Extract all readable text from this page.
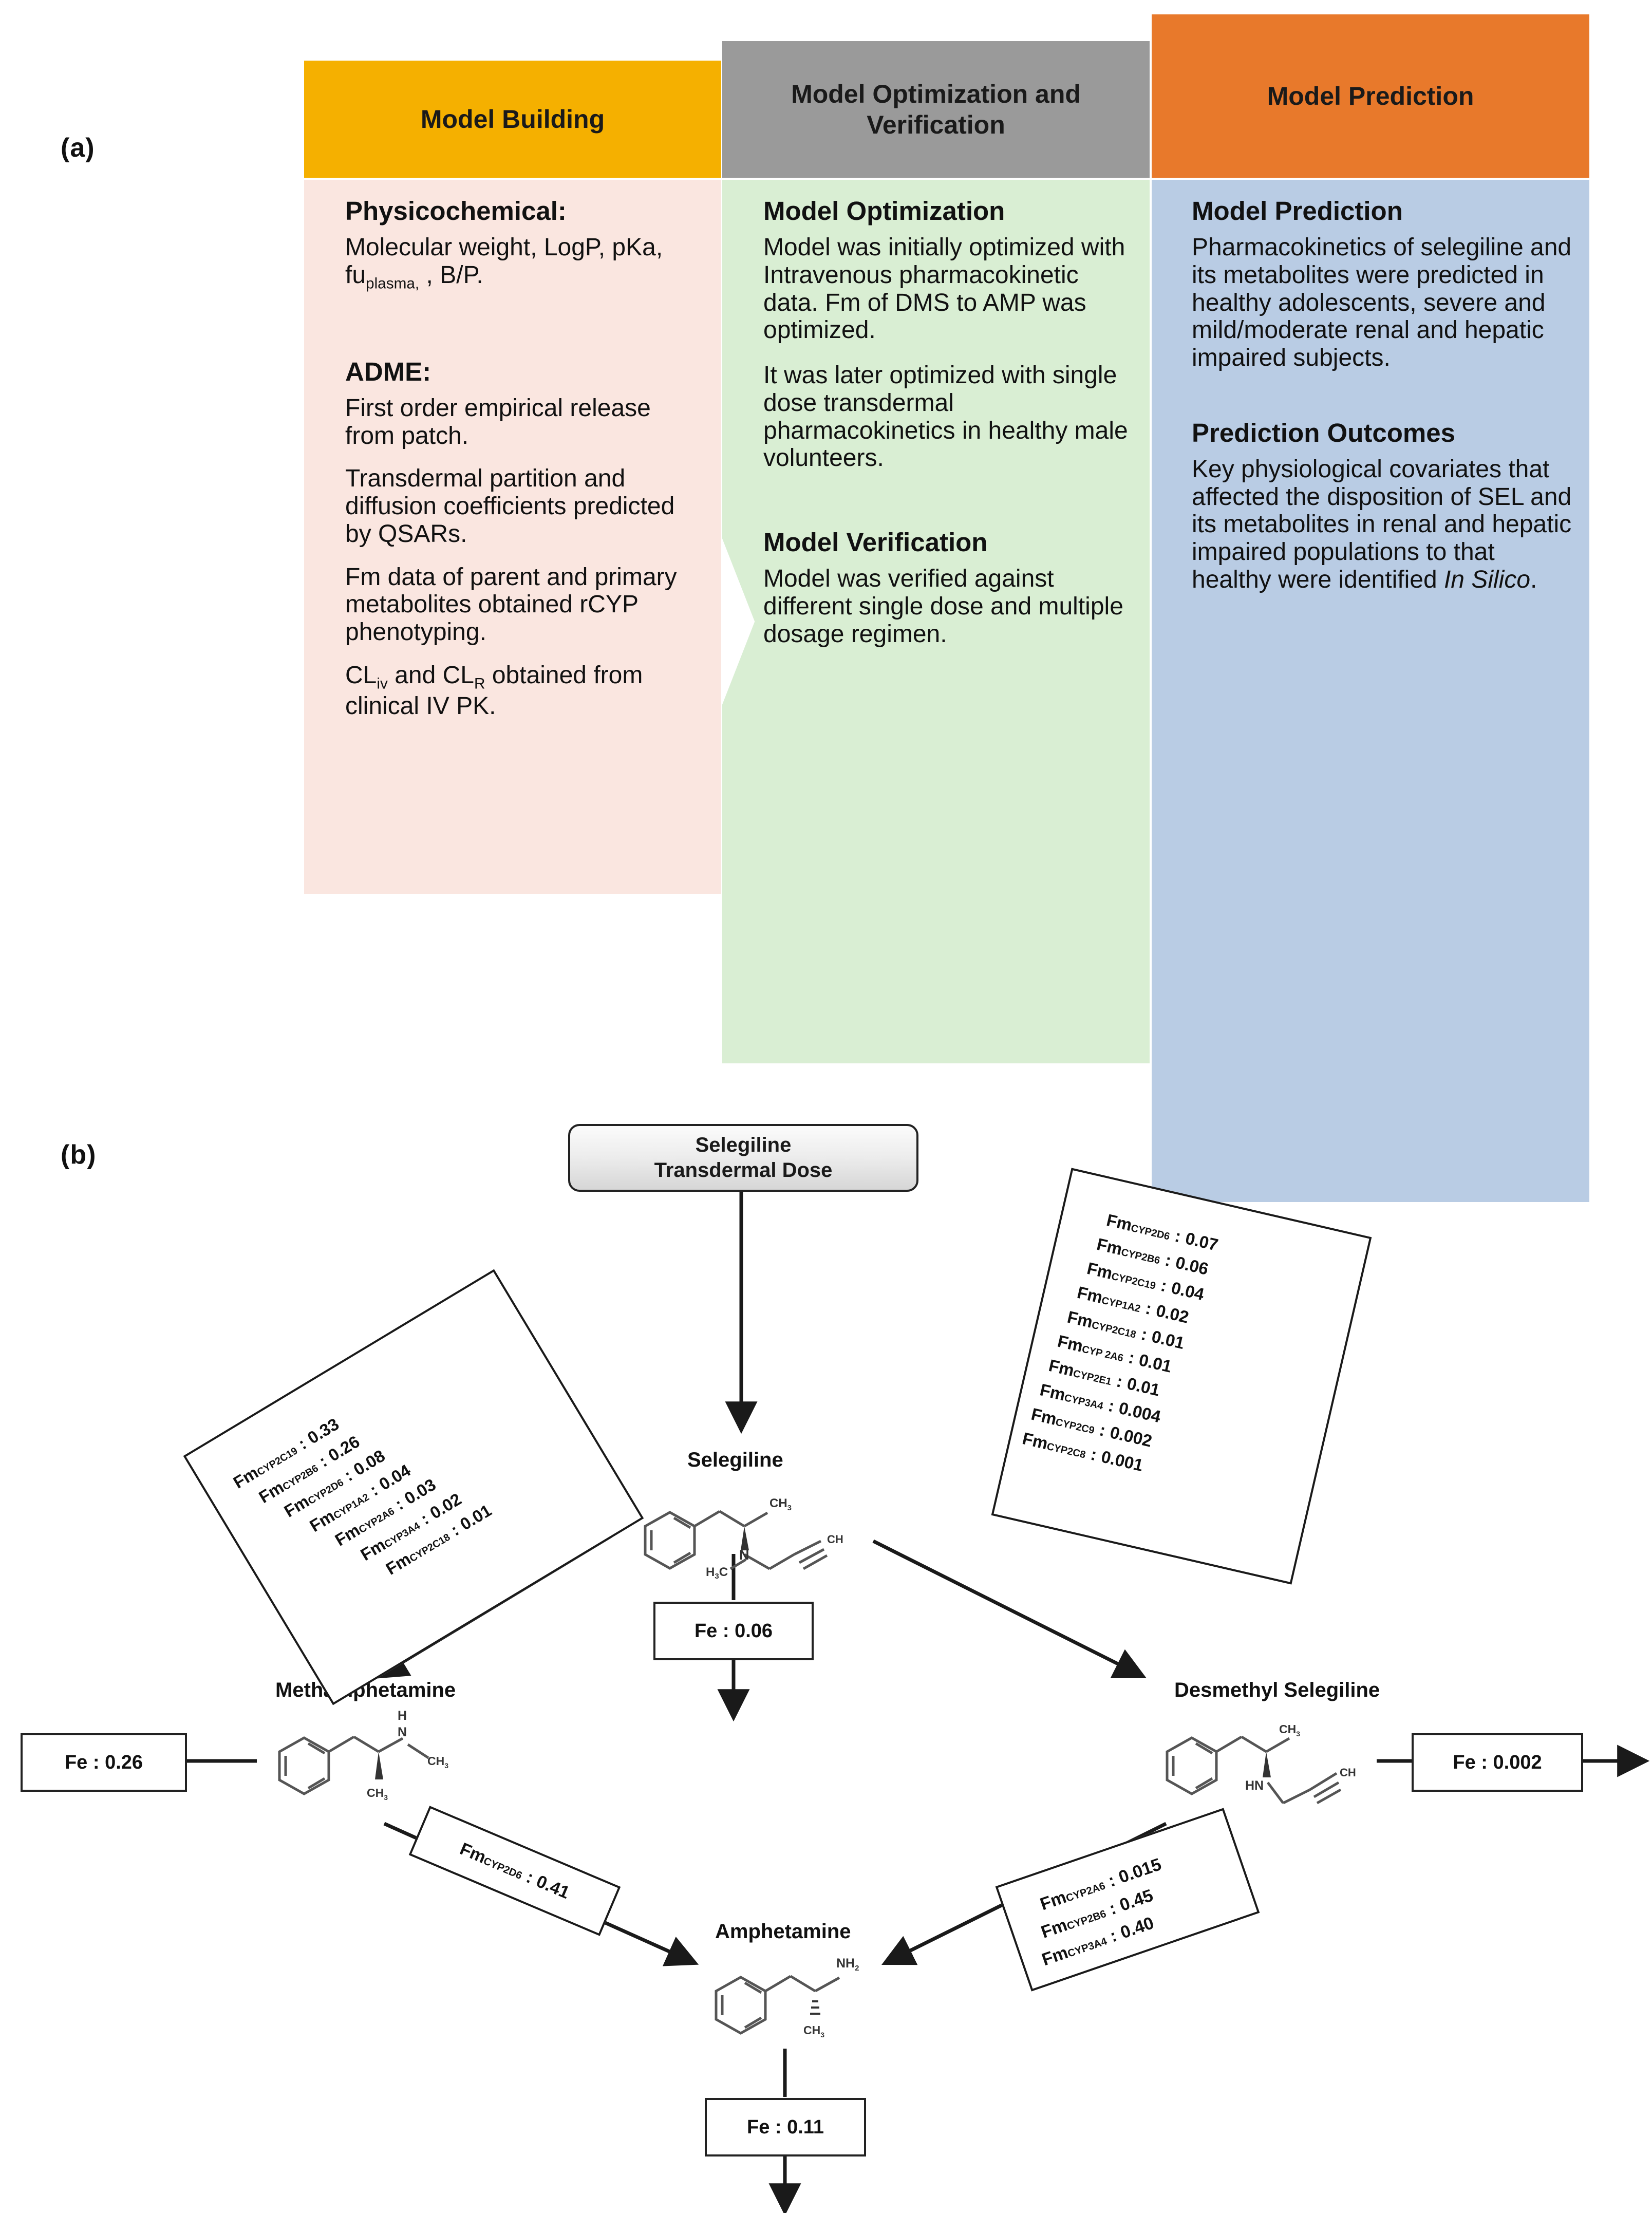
(a)
Model Building
Model Optimization and Verification
Model Prediction
Physicochemical:
Molecular weight, LogP, pKa, $fu_{plasma,}$ , B/P.
ADME:
First order empirical release from patch.
Transdermal partition and diffusion coefficients predicted by QSARs.
Fm data of parent and primary metabolites obtained rCYP phenotyping.
$CL_{iv}$ and $CL_R$ obtained from clinical IV PK.
Model Optimization
Model was initially optimized with Intravenous pharmacokinetic data. Fm of DMS to AMP was optimized.
It was later optimized with single dose transdermal pharmacokinetics in healthy male volunteers.
Model Verification
Model was verified against different single dose and multiple dosage regimen.
Model Prediction
Pharmacokinetics of selegiline and its metabolites were predicted in healthy adolescents, severe and mild/moderate renal and hepatic impaired subjects.
Prediction Outcomes
Key physiological covariates that affected the disposition of SEL and its metabolites in renal and hepatic impaired populations to that healthy were identified In Silico.
(b)	Selegiline
Transdermal Dose
Selegiline
Methamphetamine	Desmethyl Selegiline
Amphetamine
$CH_3$
N
$H_3C$
CH
H
N
$CH_3$
$CH_3$
$CH_3$
HN
CH
$NH_2$
$CH_3$
Fe : 0.06
Fe : 0.26	Fe : 0.002
Fe : 0.11
FmCYP2C19
:
0.33
FmCYP2B6
:
0.26
FmCYP2D6
:
0.08
FmCYP1A2
:
0.04
FmCYP2A6
:
0.03
FmCYP3A4
:
0.02
FmCYP2C18
:
0.01
FmCYP2D6 : 0.07
FmCYP2B6 : 0.06
FmCYP2C19 : 0.04
FmCYP1A2 : 0.02
FmCYP2C18 : 0.01
FmCYP 2A6 : 0.01
FmCYP2E1 : 0.01
FmCYP3A4 : 0.004
FmCYP2C9 : 0.002
FmCYP2C8 : 0.001
FmCYP2D6 :
0.41	FmCYP2A6
:
0.015
FmCYP2B6
:
0.45
FmCYP3A4
:
0.40
